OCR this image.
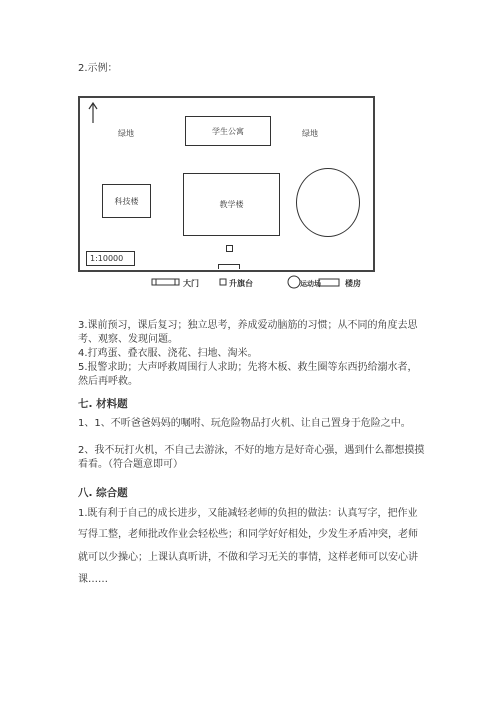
2.示例：
绿地	学生公寓	绿地
科技楼	教学楼
1:10000
大门	升旗台	运动场	楼房
3.课前预习，课后复习；独立思考，养成爱动脑筋的习惯；从不同的角度去思
考、观察、发现问题。
4.打鸡蛋、叠衣服、浇花、扫地、淘米。
5.报警求助；大声呼救周围行人求助；先将木板、救生圈等东西扔给溺水者，
然后再呼救。
七. 材料题
1、1、不听爸爸妈妈的嘱咐、玩危险物品打火机、让自己置身于危险之中。
2、我不玩打火机，不自己去游泳，不好的地方是好奇心强，遇到什么都想摸摸
看看。（符合题意即可）
八. 综合题
1.既有利于自己的成长进步，又能减轻老师的负担的做法：认真写字，把作业
写得工整，老师批改作业会轻松些；和同学好好相处，少发生矛盾冲突，老师
就可以少操心；上课认真听讲，不做和学习无关的事情，这样老师可以安心讲
课……
